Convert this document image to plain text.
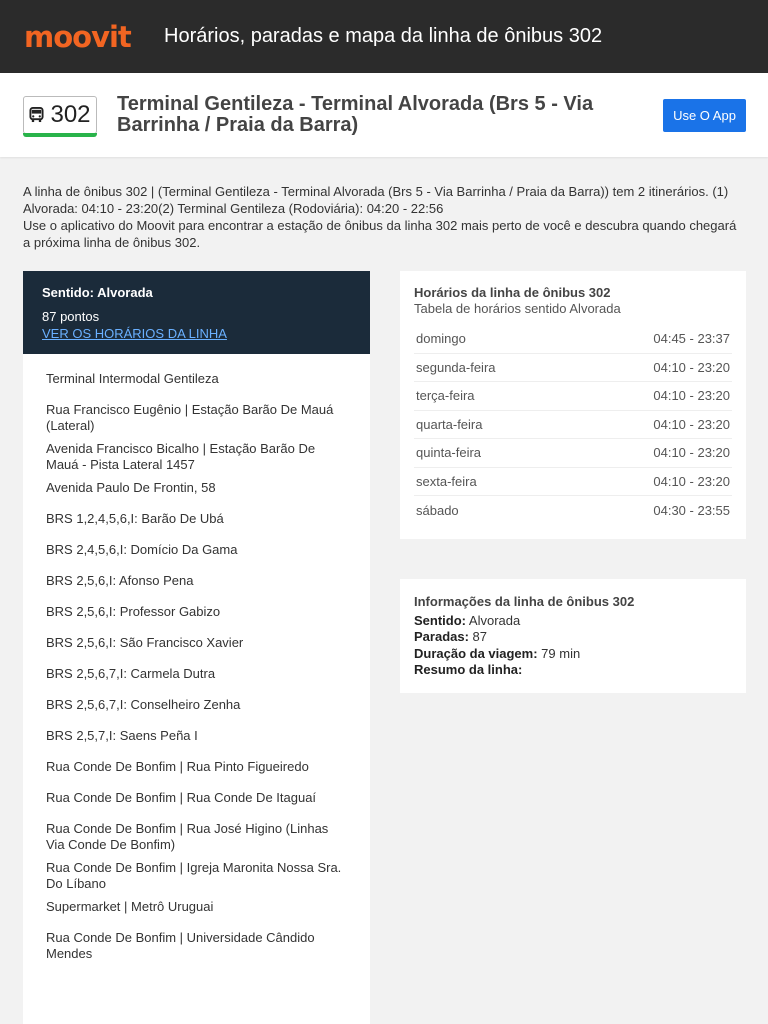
moovit	Horários, paradas e mapa da linha de ônibus 302
302 Terminal Gentileza - Terminal Alvorada (Brs 5 - Via Barrinha / Praia da Barra)	Use O App

A linha de ônibus 302 | (Terminal Gentileza - Terminal Alvorada (Brs 5 - Via Barrinha / Praia da Barra)) tem 2 itinerários. (1) Alvorada: 04:10 - 23:20(2) Terminal Gentileza (Rodoviária): 04:20 - 22:56

Use o aplicativo do Moovit para encontrar a estação de ônibus da linha 302 mais perto de você e descubra quando chegará a próxima linha de ônibus 302.

Sentido: Alvorada
87 pontos
VER OS HORÁRIOS DA LINHA
Terminal Intermodal Gentileza
Rua Francisco Eugênio | Estação Barão De Mauá (Lateral)
Avenida Francisco Bicalho | Estação Barão De Mauá - Pista Lateral 1457
Avenida Paulo De Frontin, 58
BRS 1,2,4,5,6,I: Barão De Ubá
BRS 2,4,5,6,I: Domício Da Gama
BRS 2,5,6,I: Afonso Pena
BRS 2,5,6,I: Professor Gabizo
BRS 2,5,6,I: São Francisco Xavier
BRS 2,5,6,7,I: Carmela Dutra
BRS 2,5,6,7,I: Conselheiro Zenha
BRS 2,5,7,I: Saens Peña I
Rua Conde De Bonfim | Rua Pinto Figueiredo
Rua Conde De Bonfim | Rua Conde De Itaguaí
Rua Conde De Bonfim | Rua José Higino (Linhas Via Conde De Bonfim)
Rua Conde De Bonfim | Igreja Maronita Nossa Sra. Do Líbano
Supermarket | Metrô Uruguai
Rua Conde De Bonfim | Universidade Cândido Mendes
Horários da linha de ônibus 302
Tabela de horários sentido Alvorada
domingo	04:45 - 23:37
segunda-feira	04:10 - 23:20
terça-feira	04:10 - 23:20
quarta-feira	04:10 - 23:20
quinta-feira	04:10 - 23:20
sexta-feira	04:10 - 23:20
sábado	04:30 - 23:55
Informações da linha de ônibus 302
Sentido: Alvorada
Paradas: 87
Duração da viagem: 79 min
Resumo da linha:
